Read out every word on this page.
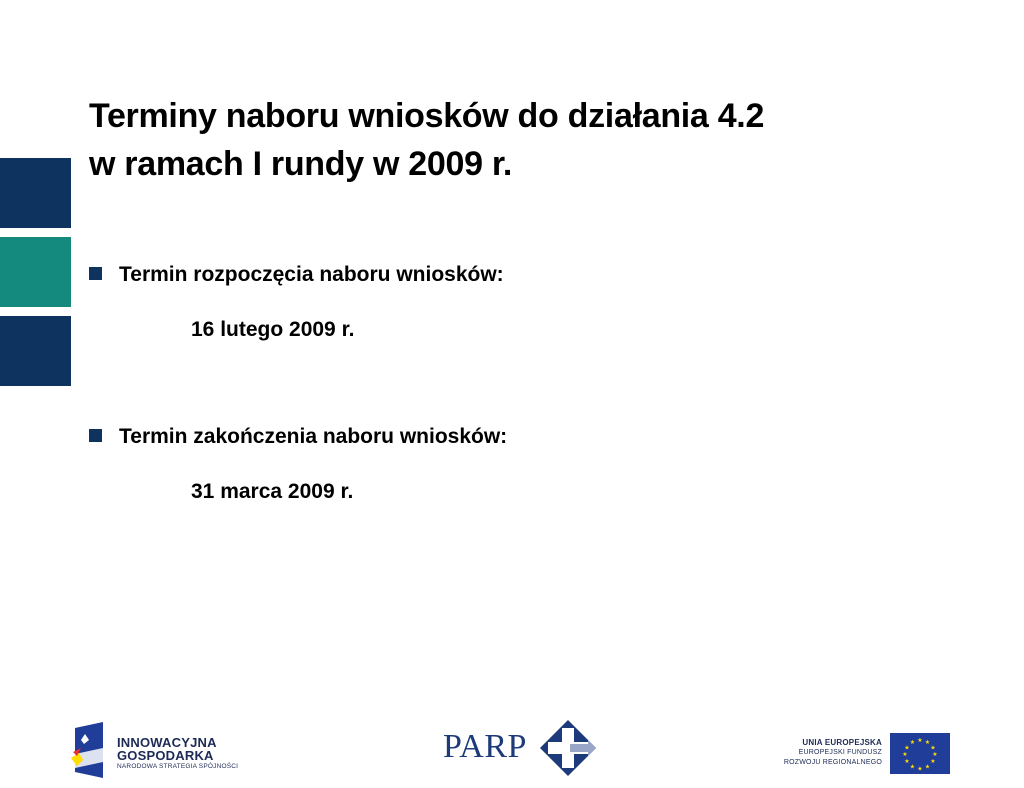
Terminy naboru wniosków do działania 4.2
w ramach I rundy w 2009 r.
Termin rozpoczęcia naboru wniosków:
16 lutego 2009 r.
Termin zakończenia naboru wniosków:
31 marca 2009 r.
INNOWACYJNA
GOSPODARKA
NARODOWA STRATEGIA SPÓJNOŚCI
PARP	UNIA EUROPEJSKA
EUROPEJSKI FUNDUSZ
ROZWOJU REGIONALNEGO
★ ★
★
★
★
★
★
★
★
★
★
★
